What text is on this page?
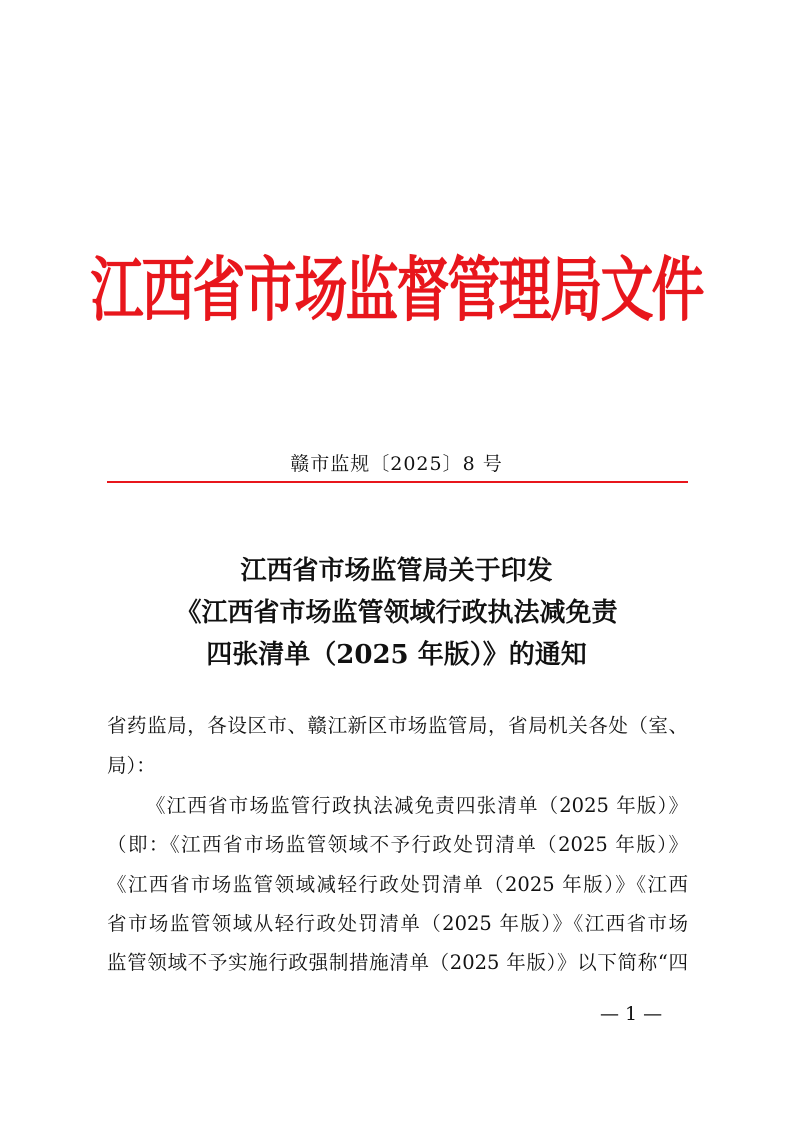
江西省市场监督管理局文件
赣市监规〔2025〕8 号
江西省市场监管局关于印发
《江西省市场监管领域行政执法减免责
四张清单（2025 年版）》的通知
省药监局，各设区市、赣江新区市场监管局，省局机关各处（室、
局）：
《江西省市场监管行政执法减免责四张清单（2025 年版）》
（即：《江西省市场监管领域不予行政处罚清单（2025 年版）》
《江西省市场监管领域减轻行政处罚清单（2025 年版）》《江西
省市场监管领域从轻行政处罚清单（2025 年版）》《江西省市场
监管领域不予实施行政强制措施清单（2025 年版）》以下简称“四
— 1 —
